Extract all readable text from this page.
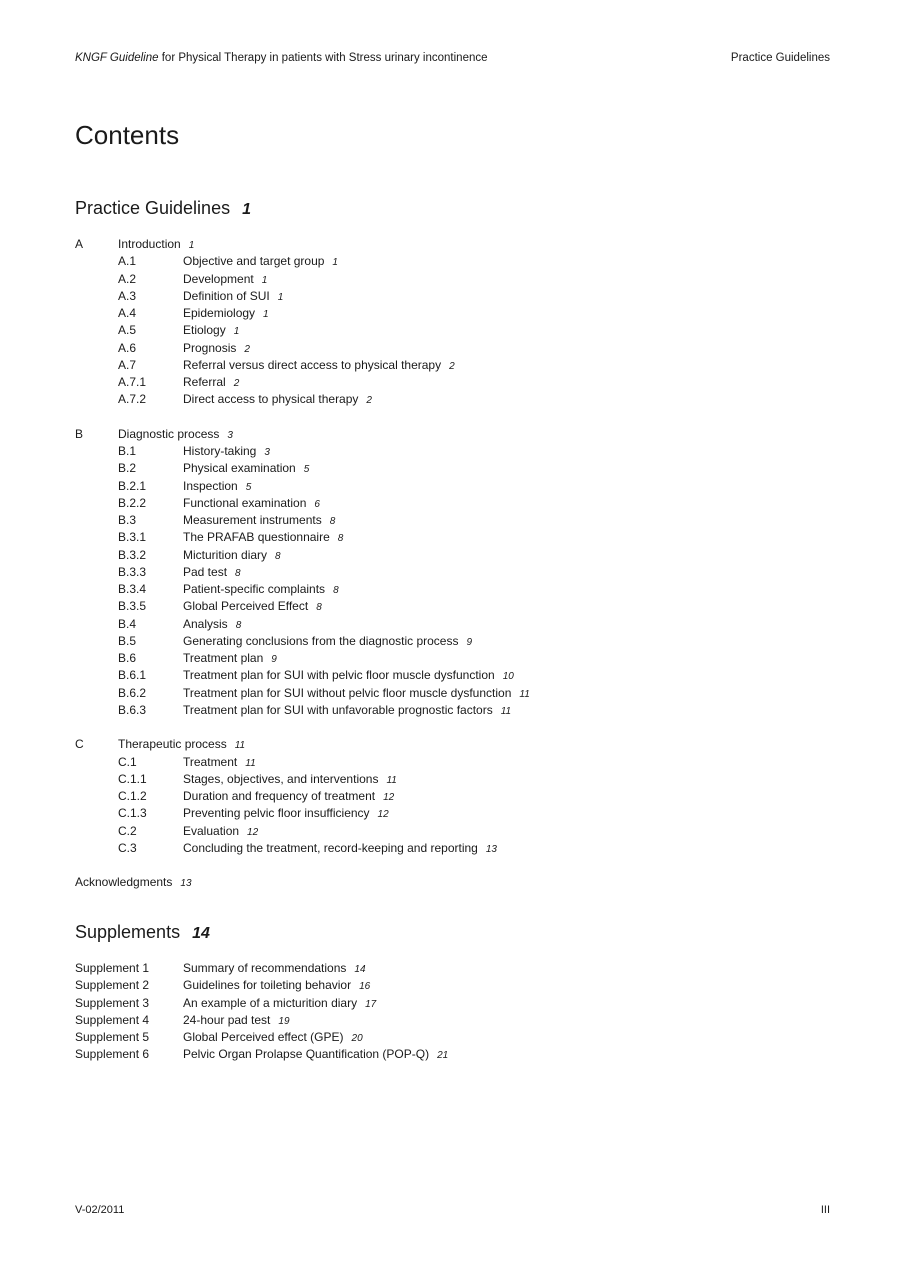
KNGF Guideline for Physical Therapy in patients with Stress urinary incontinence	Practice Guidelines
Contents
Practice Guidelines 1
A	Introduction 1
A.1	Objective and target group 1
A.2	Development 1
A.3	Definition of SUI 1
A.4	Epidemiology 1
A.5	Etiology 1
A.6	Prognosis 2
A.7	Referral versus direct access to physical therapy 2
A.7.1	Referral 2
A.7.2	Direct access to physical therapy 2
B	Diagnostic process 3
B.1	History-taking 3
B.2	Physical examination 5
B.2.1	Inspection 5
B.2.2	Functional examination 6
B.3	Measurement instruments 8
B.3.1	The PRAFAB questionnaire 8
B.3.2	Micturition diary 8
B.3.3	Pad test 8
B.3.4	Patient-specific complaints 8
B.3.5	Global Perceived Effect 8
B.4	Analysis 8
B.5	Generating conclusions from the diagnostic process 9
B.6	Treatment plan 9
B.6.1	Treatment plan for SUI with pelvic floor muscle dysfunction 10
B.6.2	Treatment plan for SUI without pelvic floor muscle dysfunction 11
B.6.3	Treatment plan for SUI with unfavorable prognostic factors 11
C	Therapeutic process 11
C.1	Treatment 11
C.1.1	Stages, objectives, and interventions 11
C.1.2	Duration and frequency of treatment 12
C.1.3	Preventing pelvic floor insufficiency 12
C.2	Evaluation 12
C.3	Concluding the treatment, record-keeping and reporting 13
Acknowledgments 13
Supplements 14
Supplement 1	Summary of recommendations 14
Supplement 2	Guidelines for toileting behavior 16
Supplement 3	An example of a micturition diary 17
Supplement 4	24-hour pad test 19
Supplement 5	Global Perceived effect (GPE) 20
Supplement 6	Pelvic Organ Prolapse Quantification (POP-Q) 21
V-02/2011	III
